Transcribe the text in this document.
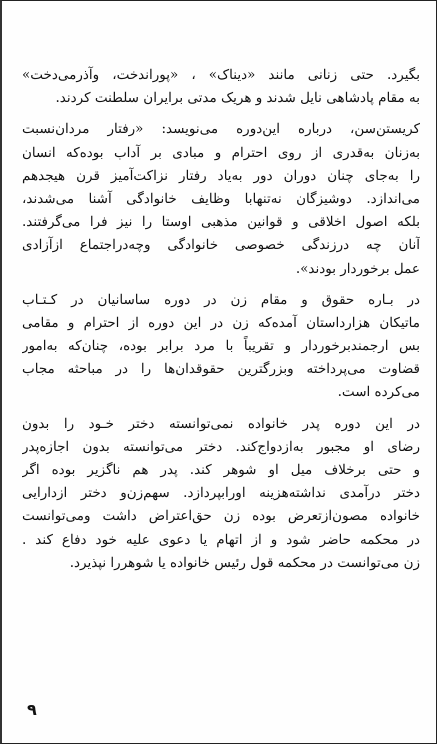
بگیرد. حتی زنانی مانند «دیناک» ، «پوراندخت، وآذرمی‌دخت»
به مقام پادشاهی نایل شدند و هریک مدتی برایران سلطنت کردند.
کریستن‌سن، درباره این‌دوره می‌نویسد: «رفتار مردان‌نسبت
به‌زنان به‌قدری از روی احترام و مبادی بر آداب بوده‌که انسان
را به‌جای چنان دوران دور به‌یاد رفتار نزاکت‌آمیز قرن هیجدهم
می‌اندازد. دوشیزگان نه‌تنهابا وظایف خانوادگی آشنا می‌شدند،
بلکه اصول اخلاقی و قوانین مذهبی اوستا را نیز فرا می‌گرفتند.
آنان چه درزندگی خصوصی خانوادگی وچه‌دراجتماع ازآزادی
عمل برخوردار بودند».
در بـاره حقوق و مقام زن در دوره ساسانیان در کـتـاب
ماتیکان هزارداستان آمده‌که زن در این دوره از احترام و مقامی
بس ارجمندبرخوردار و تقریباً با مرد برابر بوده، چنان‌که به‌امور
قضاوت می‌پرداخته وبزرگترین حقوقدان‌ها را در مباحثه مجاب
می‌کرده است.
در این دوره پدر خانواده نمی‌توانسته دختر خـود را بدون
رضای او مجبور به‌ازدواج‌کند. دختر می‌توانسته بدون اجازه‌پدر
و حتی برخلاف میل او شوهر کند. پدر هم ناگزیر بوده اگر
دختر درآمدی نداشته‌هزینه اورابپردازد. سهم‌زن‌و دختر ازدارایی
خانواده مصون‌ازتعرض بوده زن حق‌اعتراض داشت ومی‌توانست
در محکمه حاضر شود و از اتهام یا دعوی علیه خود دفاع کند .
زن می‌توانست در محکمه قول رئیس خانواده یا شوهررا نپذیرد.
۹
